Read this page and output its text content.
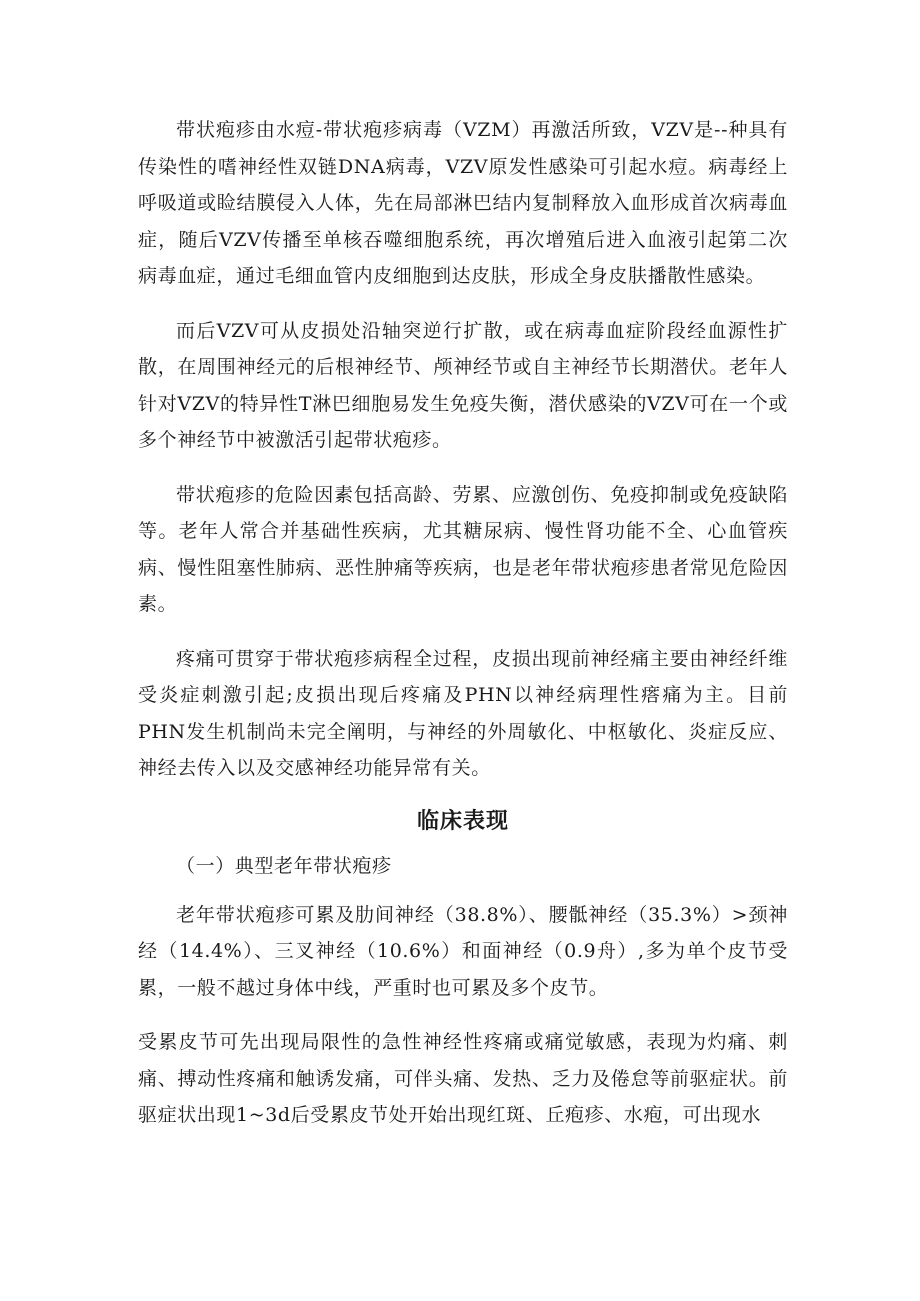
带状疱疹由水痘-带状疱疹病毒（VZM）再激活所致，VZV是--种具有传染性的嗜神经性双链DNA病毒，VZV原发性感染可引起水痘。病毒经上呼吸道或睑结膜侵入人体，先在局部淋巴结内复制释放入血形成首次病毒血症，随后VZV传播至单核吞噬细胞系统，再次增殖后进入血液引起第二次病毒血症，通过毛细血管内皮细胞到达皮肤，形成全身皮肤播散性感染。

而后VZV可从皮损处沿轴突逆行扩散，或在病毒血症阶段经血源性扩散，在周围神经元的后根神经节、颅神经节或自主神经节长期潜伏。老年人针对VZV的特异性T淋巴细胞易发生免疫失衡，潜伏感染的VZV可在一个或多个神经节中被激活引起带状疱疹。

带状疱疹的危险因素包括高龄、劳累、应激创伤、免疫抑制或免疫缺陷等。老年人常合并基础性疾病，尤其糖尿病、慢性肾功能不全、心血管疾病、慢性阻塞性肺病、恶性肿痛等疾病，也是老年带状疱疹患者常见危险因素。

疼痛可贯穿于带状疱疹病程全过程，皮损出现前神经痛主要由神经纤维受炎症刺激引起;皮损出现后疼痛及PHN以神经病理性瘩痛为主。目前PHN发生机制尚未完全阐明，与神经的外周敏化、中枢敏化、炎症反应、神经去传入以及交感神经功能异常有关。

临床表现
（一）典型老年带状疱疹

老年带状疱疹可累及肋间神经（38.8%）、腰骶神经（35.3%）>颈神经（14.4%）、三叉神经（10.6%）和面神经（0.9舟）,多为单个皮节受累，一般不越过身体中线，严重时也可累及多个皮节。

受累皮节可先出现局限性的急性神经性疼痛或痛觉敏感，表现为灼痛、刺痛、搏动性疼痛和触诱发痛，可伴头痛、发热、乏力及倦怠等前驱症状。前驱症状出现1~3d后受累皮节处开始出现红斑、丘疱疹、水疱，可出现水
